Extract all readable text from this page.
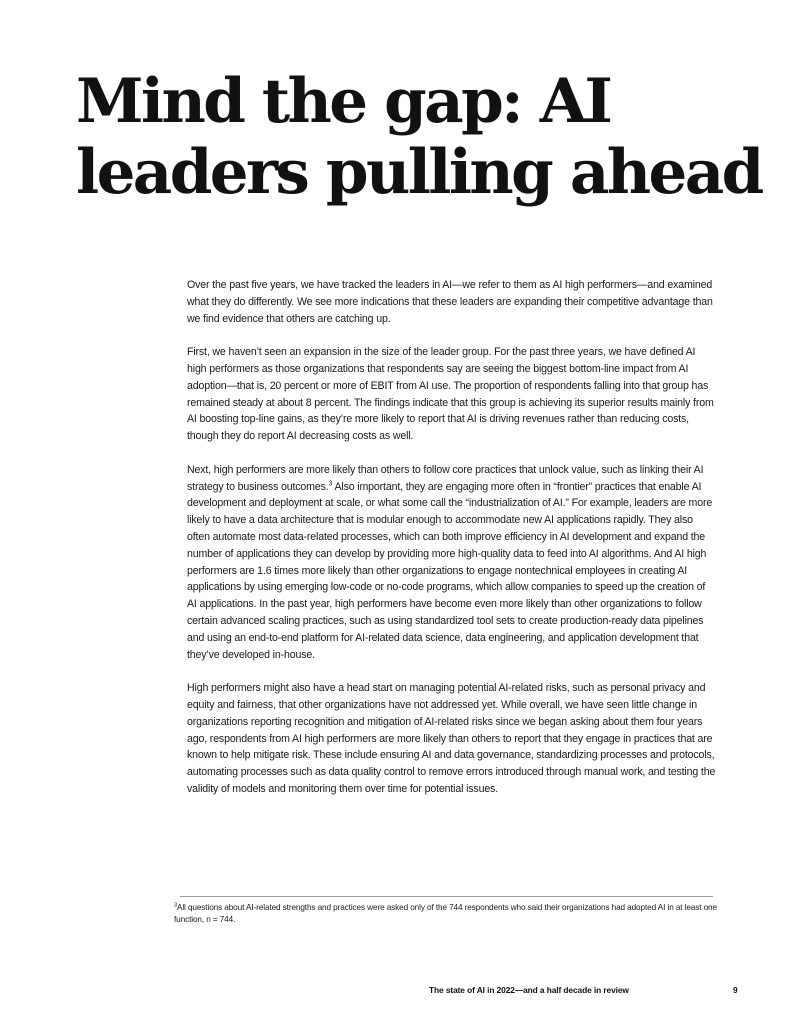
Mind the gap: AI
leaders pulling ahead

Over the past five years, we have tracked the leaders in AI—we refer to them as AI high performers—and examined what they do differently. We see more indications that these leaders are expanding their competitive advantage than we find evidence that others are catching up.

First, we haven’t seen an expansion in the size of the leader group. For the past three years, we have defined AI high performers as those organizations that respondents say are seeing the biggest bottom-line impact from AI adoption—that is, 20 percent or more of EBIT from AI use. The proportion of respondents falling into that group has remained steady at about 8 percent. The findings indicate that this group is achieving its superior results mainly from AI boosting top-line gains, as they’re more likely to report that AI is driving revenues rather than reducing costs, though they do report AI decreasing costs as well.

Next, high performers are more likely than others to follow core practices that unlock value, such as linking their AI strategy to business outcomes.$^3$ Also important, they are engaging more often in “frontier” practices that enable AI development and deployment at scale, or what some call the “industrialization of AI.” For example, leaders are more likely to have a data architecture that is modular enough to accommodate new AI applications rapidly. They also often automate most data-related processes, which can both improve efficiency in AI development and expand the number of applications they can develop by providing more high-quality data to feed into AI algorithms. And AI high performers are 1.6 times more likely than other organizations to engage nontechnical employees in creating AI applications by using emerging low-code or no-code programs, which allow companies to speed up the creation of AI applications. In the past year, high performers have become even more likely than other organizations to follow certain advanced scaling practices, such as using standardized tool sets to create production-ready data pipelines and using an end-to-end platform for AI-related data science, data engineering, and application development that they’ve developed in-house.

High performers might also have a head start on managing potential AI-related risks, such as personal privacy and equity and fairness, that other organizations have not addressed yet. While overall, we have seen little change in organizations reporting recognition and mitigation of AI-related risks since we began asking about them four years ago, respondents from AI high performers are more likely than others to report that they engage in practices that are known to help mitigate risk. These include ensuring AI and data governance, standardizing processes and protocols, automating processes such as data quality control to remove errors introduced through manual work, and testing the validity of models and monitoring them over time for potential issues.

$^3$All questions about AI-related strengths and practices were asked only of the 744 respondents who said their organizations had adopted AI in at least one function, n = 744.
The state of AI in 2022—and a half decade in review	9
